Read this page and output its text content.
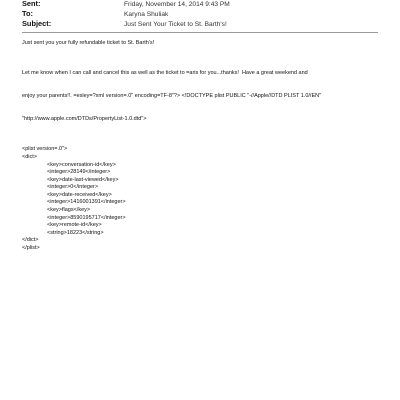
Sent:	Friday, November 14, 2014 9:43 PM
To:	Karyna Shuliak
Subject:	Just Sent Your Ticket to St. Barth's!

Just sent you your fully refundable ticket to St. Barth's!

Let me know when I can call and cancel this as well as the ticket to =aris for you...thanks!  Have a great weekend and

enjoy your parents!!. =esley=?xml version=.0" encoding=TF-8"?> <!DOCTYPE plist PUBLIC "-//Apple//DTD PLIST 1.0//EN"

"http://www.apple.com/DTDs/PropertyList-1.0.dtd">

<plist version=.0">
<dict>
<key>conversation-id</key>
<integer>28149</integer>
<key>date-last-viewed</key>
<integer>0</integer>
<key>date-received</key>
<integer>1416001391</integer>
<key>flags</key>
<integer>8590195717</integer>
<key>remote-id</key>
<string>18223</string>
</dict>
</plist>
